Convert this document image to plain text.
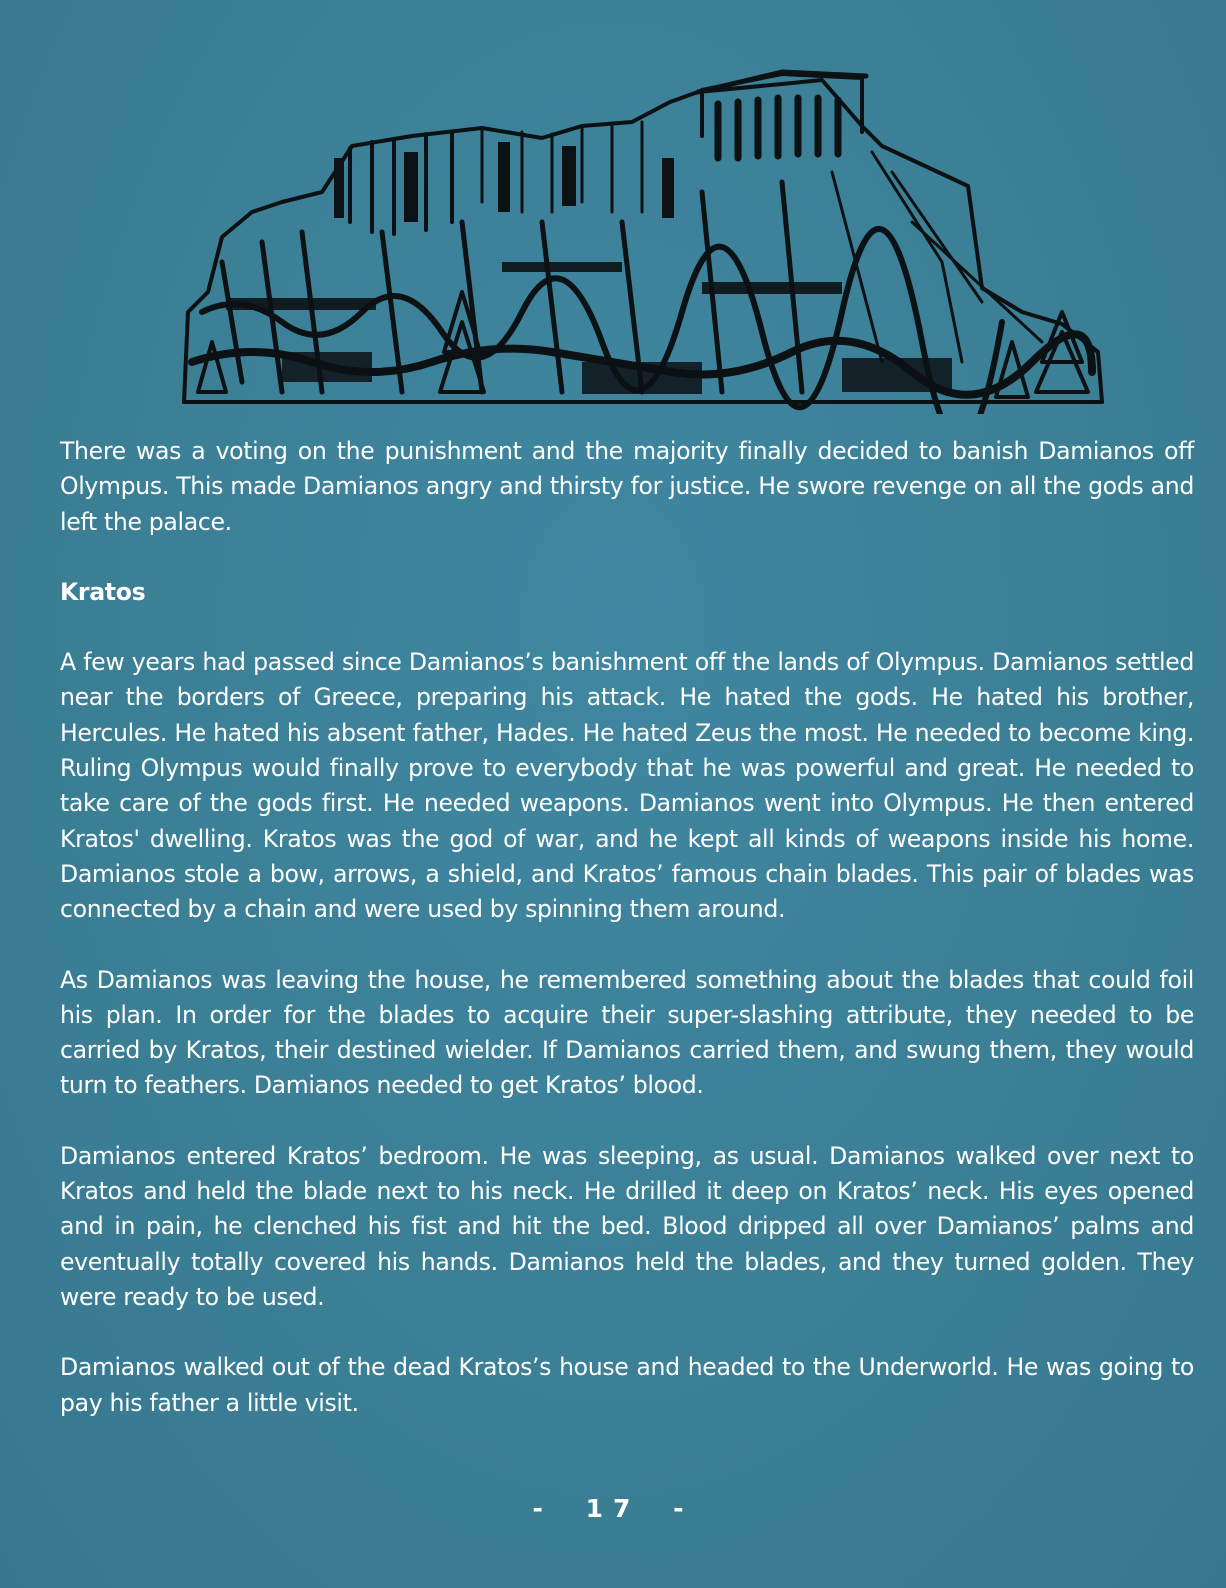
There was a voting on the punishment and the majority finally decided to banish Damianos off Olympus. This made Damianos angry and thirsty for justice. He swore revenge on all the gods and left the palace.

Kratos

A few years had passed since Damianos’s banishment off the lands of Olympus. Damianos settled near the borders of Greece, preparing his attack. He hated the gods. He hated his brother, Hercules. He hated his absent father, Hades. He hated Zeus the most. He needed to become king. Ruling Olympus would finally prove to everybody that he was powerful and great. He needed to take care of the gods first. He needed weapons. Damianos went into Olympus. He then entered Kratos' dwelling. Kratos was the god of war, and he kept all kinds of weapons inside his home. Damianos stole a bow, arrows, a shield, and Kratos’ famous chain blades. This pair of blades was connected by a chain and were used by spinning them around.

As Damianos was leaving the house, he remembered something about the blades that could foil his plan. In order for the blades to acquire their super-slashing attribute, they needed to be carried by Kratos, their destined wielder. If Damianos carried them, and swung them, they would turn to feathers. Damianos needed to get Kratos’ blood.

Damianos entered Kratos’ bedroom. He was sleeping, as usual. Damianos walked over next to Kratos and held the blade next to his neck. He drilled it deep on Kratos’ neck. His eyes opened and in pain, he clenched his fist and hit the bed. Blood dripped all over Damianos’ palms and eventually totally covered his hands. Damianos held the blades, and they turned golden. They were ready to be used.

Damianos walked out of the dead Kratos’s house and headed to the Underworld. He was going to pay his father a little visit.

- 17 -
